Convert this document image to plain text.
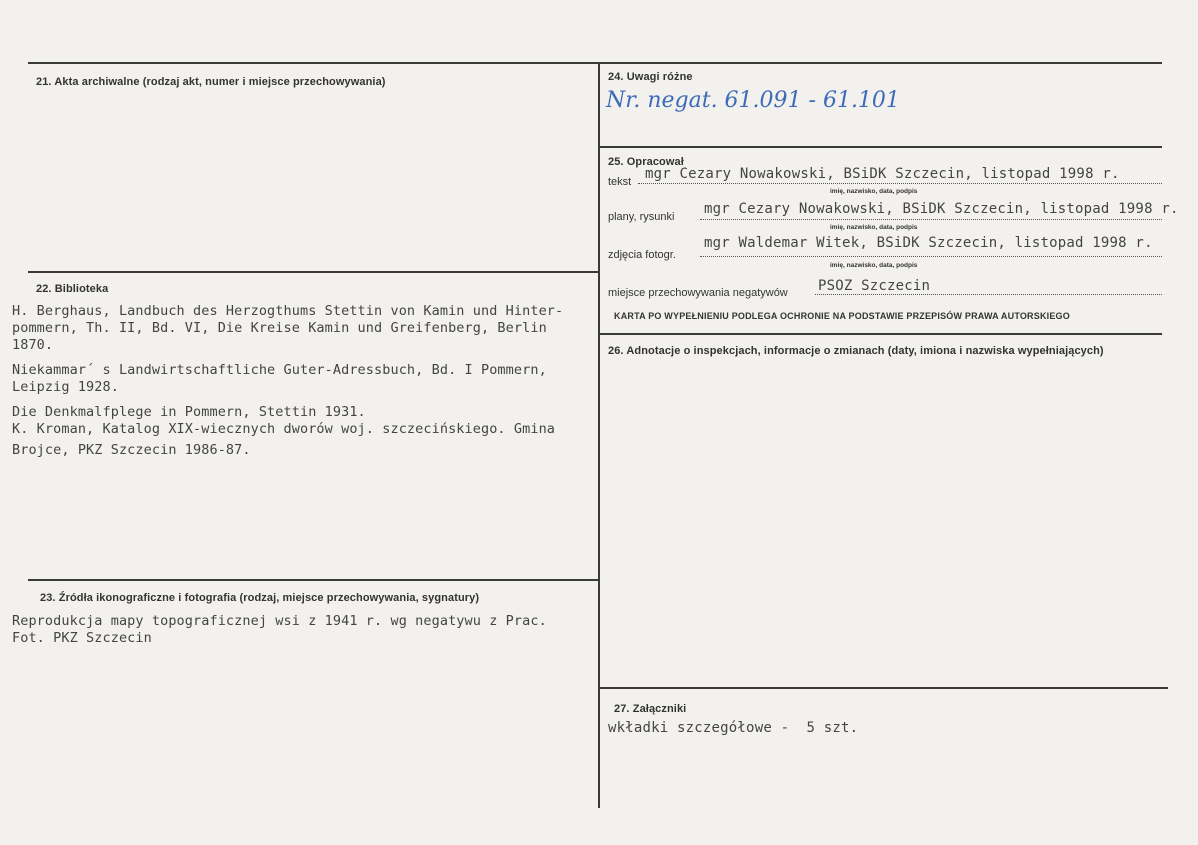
21. Akta archiwalne (rodzaj akt, numer i miejsce przechowywania)
22. Biblioteka
H. Berghaus, Landbuch des Herzogthums Stettin von Kamin und Hinter-
pommern, Th. II, Bd. VI, Die Kreise Kamin und Greifenberg, Berlin
1870.
Niekammar´ s Landwirtschaftliche Guter-Adressbuch, Bd. I Pommern,
Leipzig 1928.
Die Denkmalfplege in Pommern, Stettin 1931.
K. Kroman, Katalog XIX-wiecznych dworów woj. szczecińskiego. Gmina
Brojce, PKZ Szczecin 1986-87.
23. Źródła ikonograficzne i fotografia (rodzaj, miejsce przechowywania, sygnatury)
Reprodukcja mapy topograficznej wsi z 1941 r. wg negatywu z Prac.
Fot. PKZ Szczecin
24. Uwagi różne
Nr. negat. 61.091 - 61.101
25. Opracował
tekst mgr Cezary Nowakowski, BSiDK Szczecin, listopad 1998 r.
imię, nazwisko, data, podpis
plany, rysunki mgr Cezary Nowakowski, BSiDK Szczecin, listopad 1998 r.
imię, nazwisko, data, podpis
zdjęcia fotogr.
mgr Waldemar Witek, BSiDK Szczecin, listopad 1998 r.
imię, nazwisko, data, podpis
miejsce przechowywania negatywów PSOZ Szczecin
KARTA PO WYPEŁNIENIU PODLEGA OCHRONIE NA PODSTAWIE PRZEPISÓW PRAWA AUTORSKIEGO
26. Adnotacje o inspekcjach, informacje o zmianach (daty, imiona i nazwiska wypełniających)
27. Załączniki
wkładki szczegółowe -  5 szt.
